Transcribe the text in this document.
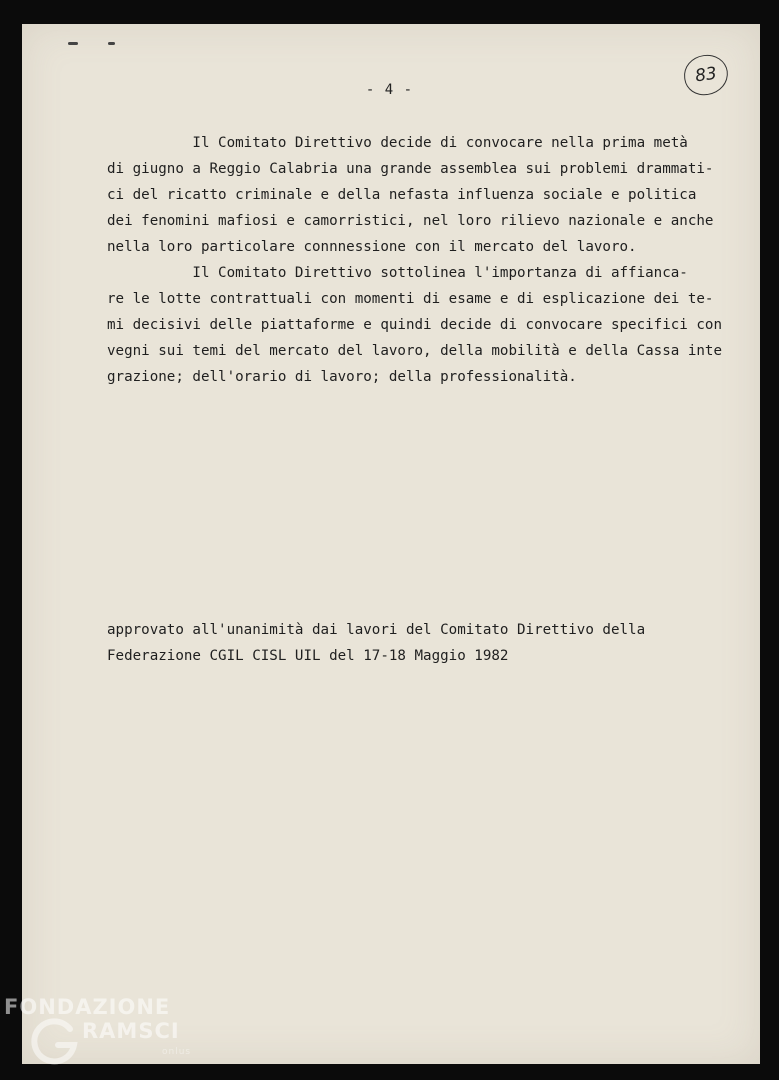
- 4 -
83
Il Comitato Direttivo decide di convocare nella prima metà
di giugno a Reggio Calabria una grande assemblea sui problemi drammati-
ci del ricatto criminale e della nefasta influenza sociale e politica
dei fenomini mafiosi e camorristici, nel loro rilievo nazionale e anche
nella loro particolare connnessione con il mercato del lavoro.
Il Comitato Direttivo sottolinea l'importanza di affianca-
re le lotte contrattuali con momenti di esame e di esplicazione dei te-
mi decisivi delle piattaforme e quindi decide di convocare specifici con
vegni sui temi del mercato del lavoro, della mobilità e della Cassa inte
grazione; dell'orario di lavoro; della professionalità.
approvato all'unanimità dai lavori del Comitato Direttivo della
Federazione CGIL CISL UIL del 17-18 Maggio 1982
FONDAZIONE
RAMSCI
onlus
